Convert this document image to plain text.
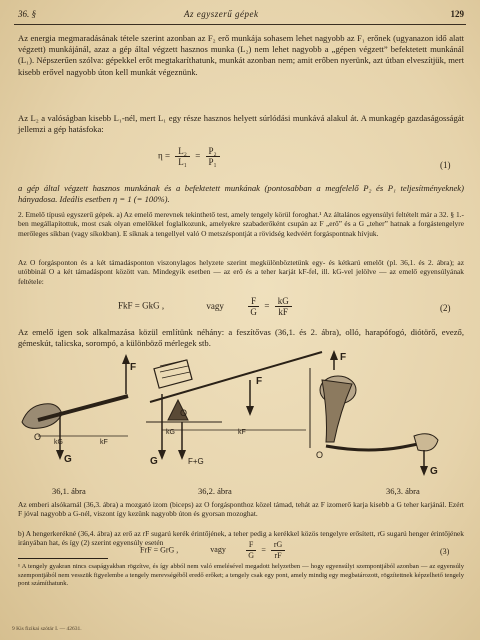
36. §	Az egyszerű gépek	129

Az energia megmaradásának tétele szerint azonban az F₂ erő munkája sohasem lehet nagyobb az F₁ erőnek (ugyanazon idő alatt végzett) munkájánál, azaz a gép által végzett hasznos munka (L₂) nem lehet nagyobb a „gépen végzett” befektetett munkánál (L₁). Népszerűen szólva: gépekkel erőt megtakaríthatunk, munkát azonban nem; amit erőben nyerünk, azt útban elveszítjük, mert kisebb erővel nagyobb úton kell munkát végeznünk.

Az L₂ a valóságban kisebb L₁-nél, mert L₁ egy része hasznos helyett súrlódási munkává alakul át. A munkagép gazdaságosságát jellemzi a gép hatásfoka:

$\eta = \frac{\text{L₂}}{\text{L₁}} = \frac{\text{P₂}}{\text{P₁}}$	(1)

a gép által végzett hasznos munkának és a befektetett munkának (pontosabban a megfelelő P₂ és P₁ teljesítményeknek) hányadosa. Ideális esetben η = 1 (= 100%).

2. Emelő típusú egyszerű gépek. a) Az emelő merevnek tekinthető test, amely tengely körül foroghat.¹ Az általános egyensúlyi feltételt már a 32. § 1.-ben megállapítottuk, most csak olyan emelőkkel foglalkozunk, amelyekre szabaderőként csupán az F „erő” és a G „teher” hatnak a forgástengelyre merőleges síkban (vagy síkokban). E síknak a tengellyel való O metszéspontját a rövidség kedvéért forgáspontnak hívjuk.

Az O forgásponton és a két támadásponton viszonylagos helyzete szerint megkülönböztetünk egy- és kétkarú emelőt (pl. 36,1. és 2. ábra); az utóbbinál O a két támadáspont között van. Mindegyik esetben — az erő és a teher karját kF-fel, ill. kG-vel jelölve — az emelő egyensúlyának feltétele:

FkF = GkG ,	vagy	$\frac{F}{G} = \frac{kG}{kF}$	(2)

Az emelő igen sok alkalmazása közül említünk néhány: a feszítővas (36,1. és 2. ábra), olló, harapófogó, diótörő, evező, gémeskút, talicska, sorompó, a különböző mérlegek stb.

F
O
kG	kF
G
F
O
kG	kF
G	F+G
F
O
G
36,1. ábra	36,2. ábra	36,3. ábra

Az emberi alsókarnál (36,3. ábra) a mozgató izom (biceps) az O forgásponthoz közel támad, tehát az F izomerő karja kisebb a G teher karjánál. Ezért F jóval nagyobb a G-nél, viszont így kezünk nagyobb úton és gyorsan mozoghat.

b) A hengerkerékné (36,4. ábra) az erő az rF sugarú kerék érintőjének, a teher pedig a kerékkel közös tengelyre erősített, rG sugarú henger érintőjének irányában hat, és így (2) szerint egyensúly esetén

FrF = GrG ,	vagy	$\frac{F}{G} = \frac{rG}{rF}$	(3)

¹ A tengely gyakran nincs csapágyakban rögzítve, és így abból nem való emelésével megadott helyzetben — hogy egyensúlyi szempontjából azonban — az egyensúly szempontjából nem vesszük figyelembe a tengely merevségéből eredő erőket; a tengely csak egy pont, amely mindig egy megbatározott, rögzítettnek képzelhető tengely pont számíthatunk.

9 Kis fizikai szótár I. — 42631.
